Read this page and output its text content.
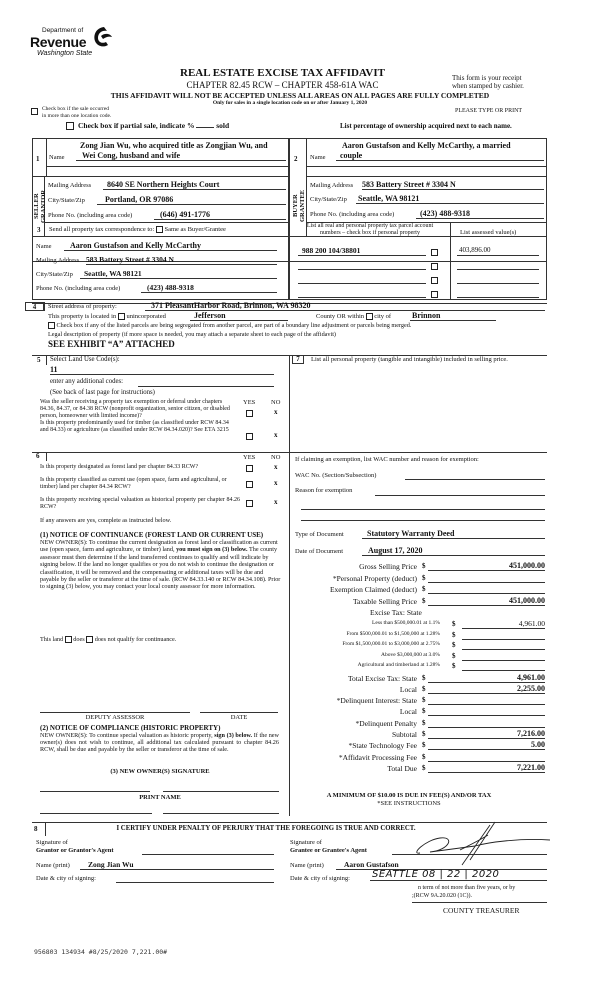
Department of
Revenue
Washington State
REAL ESTATE EXCISE TAX AFFIDAVIT
CHAPTER 82.45 RCW – CHAPTER 458-61A WAC
This form is your receipt
when stamped by cashier.
THIS AFFIDAVIT WILL NOT BE ACCEPTED UNLESS ALL AREAS ON ALL PAGES ARE FULLY COMPLETED
Only for sales in a single location code on or after January 1, 2020
Check box if the sale occurred
in more than one location code.
PLEASE TYPE OR PRINT
Check box if partial sale, indicate %	sold	List percentage of ownership acquired next to each name.
1 Name
Zong Jian Wu, who acquired title as Zongjian Wu, and
Wei Cong, husband and wife
SELLER
GRANTOR
Mailing Address	8640 SE Northern Heights Court
City/State/Zip	Portland, OR 97086
Phone No. (including area code)	(646) 491-1776
2 Name
Aaron Gustafson and Kelly McCarthy, a married
couple
BUYER
GRANTEE
Mailing Address 583 Battery Street # 3304 N
City/State/Zip Seattle, WA 98121
Phone No. (including area code)	(423) 488-9318
3 Send all property tax correspondence to: Same as Buyer/Grantee
Name	Aaron Gustafson and Kelly McCarthy
Mailing Address 583 Battery Street # 3304 N
City/State/Zip	Seattle, WA 98121
Phone No. (including area code)	(423) 488-9318
List all real and personal property tax parcel account
numbers – check box if personal property	List assessed value(s)
988 200 104/38801	403,896.00
4	Street address of property:	371 PleasantHarbor Road, Brinnon, WA 98320
This property is located in unincorporated	Jefferson	County OR within city of	Brinnon
Check box if any of the listed parcels are being segregated from another parcel, are part of a boundary line adjustment or parcels being merged.
Legal description of property (if more space is needed, you may attach a separate sheet to each page of the affidavit)
SEE EXHIBIT “A” ATTACHED
5 Select Land Use Code(s):
11
enter any additional codes:
(See back of last page for instructions)
YES NO
Was the seller receiving a property tax exemption or deferral under chapters 84.36, 84.37, or 84.38 RCW (nonprofit organization, senior citizen, or disabled person, homeowner with limited income)?	x
Is this property predominantly used for timber (as classified under RCW 84.34 and 84.33) or agriculture (as classified under RCW 84.34.020)? See ETA 3215
x
6	YES NO
Is this property designated as forest land per chapter 84.33 RCW?	x
Is this property classified as current use (open space, farm and agricultural, or timber) land per chapter 84.34 RCW?	x
Is this property receiving special valuation as historical property per chapter 84.26 RCW?
x
If any answers are yes, complete as instructed below.
(1) NOTICE OF CONTINUANCE (FOREST LAND OR CURRENT USE)
NEW OWNER(S): To continue the current designation as forest land or classification as current use (open space, farm and agriculture, or timber) land, you must sign on (3) below. The county assessor must then determine if the land transferred continues to qualify and will indicate by signing below. If the land no longer qualifies or you do not wish to continue the designation or classification, it will be removed and the compensating or additional taxes will be due and payable by the seller or transferor at the time of sale. (RCW 84.33.140 or RCW 84.34.108). Prior to signing (3) below, you may contact your local county assessor for more information.
This land does does not qualify for continuance.
DEPUTY ASSESSOR	DATE
(2) NOTICE OF COMPLIANCE (HISTORIC PROPERTY)
NEW OWNER(S): To continue special valuation as historic property, sign (3) below. If the new owner(s) does not wish to continue, all additional tax calculated pursuant to chapter 84.26 RCW, shall be due and payable by the seller or transferor at the time of sale.
(3) NEW OWNER(S) SIGNATURE
PRINT NAME
7	List all personal property (tangible and intangible) included in selling price.
If claiming an exemption, list WAC number and reason for exemption:
WAC No. (Section/Subsection)
Reason for exemption
Type of Document	Statutory Warranty Deed
Date of Document	August 17, 2020
Gross Selling Price $	451,000.00
*Personal Property (deduct) $
Exemption Claimed (deduct) $
Taxable Selling Price $	451,000.00
Excise Tax: State
Less than $500,000.01 at 1.1% $	4,961.00
From $500,000.01 to $1,500,000 at 1.28% $
From $1,500,000.01 to $3,000,000 at 2.75% $
Above $3,000,000 at 3.0% $
Agricultural and timberland at 1.28% $
Total Excise Tax: State $	4,961.00
Local $	2,255.00
*Delinquent Interest: State $
Local $
*Delinquent Penalty $
Subtotal $	7,216.00
*State Technology Fee $	5.00
*Affidavit Processing Fee $
Total Due $	7,221.00
A MINIMUM OF $10.00 IS DUE IN FEE(S) AND/OR TAX
*SEE INSTRUCTIONS
8	I CERTIFY UNDER PENALTY OF PERJURY THAT THE FOREGOING IS TRUE AND CORRECT.
Signature of
Grantor or Grantor's Agent
Name (print)	Zong Jian Wu
Date & city of signing:
Signature of
Grantee or Grantee's Agent
Name (print)	Aaron Gustafson
Date & city of signing: SEATTLE 08 | 22 | 2020
n term of not more than five years, or by
;(RCW 9A.20.020 (1C)).
COUNTY TREASURER
956803 134934 #8/25/2020 7,221.00#
